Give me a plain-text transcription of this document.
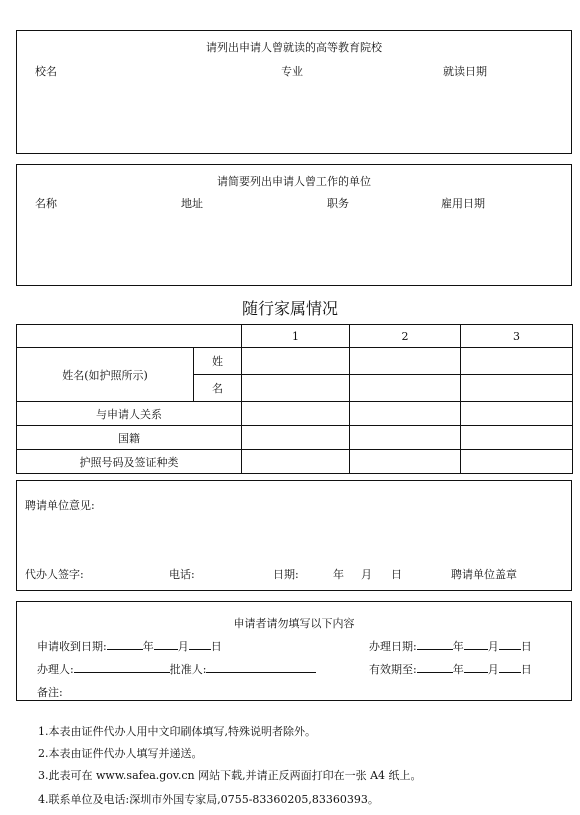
请列出申请人曾就读的高等教育院校
校名	专业	就读日期
请简要列出申请人曾工作的单位
名称	地址	职务	雇用日期
随行家属情况
		1	2	3
姓名(如护照所示)	姓			
	名			
与申请人关系				
国籍				
护照号码及签证种类				
聘请单位意见:
代办人签字:	电话:	日期:	年 月 日	聘请单位盖章
申请者请勿填写以下内容
申请收到日期:	年 月 日	办理日期:	年 月 日
办理人:	批准人:	有效期至:	年 月 日
备注:
1.本表由证件代办人用中文印刷体填写,特殊说明者除外。
2.本表由证件代办人填写并递送。
3.此表可在 www.safea.gov.cn 网站下载,并请正反两面打印在一张 A4 纸上。
4.联系单位及电话:深圳市外国专家局,0755-83360205,83360393。
